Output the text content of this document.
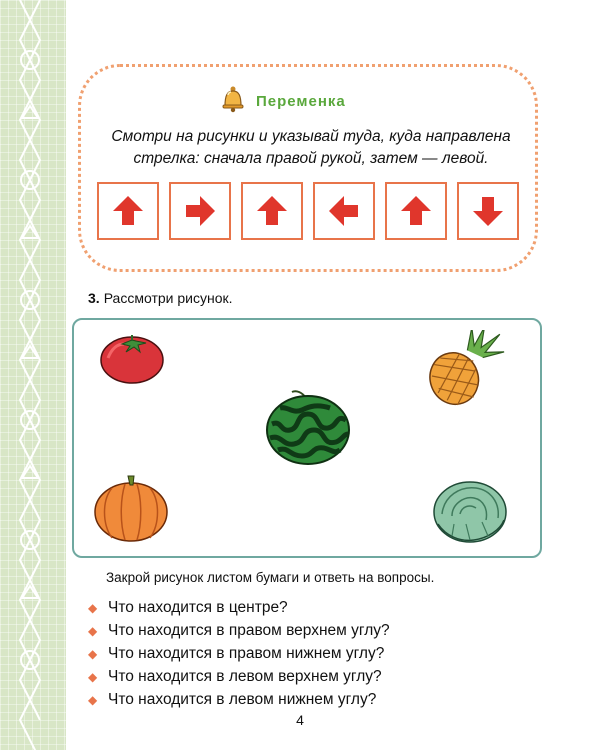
Переменка
Смотри на рисунки и указывай туда, куда направлена стрелка: сначала правой рукой, затем — левой.
3. Рассмотри рисунок.
Закрой рисунок листом бумаги и ответь на вопросы.
◆ Что находится в центре?
◆ Что находится в правом верхнем углу?
◆ Что находится в правом нижнем углу?
◆ Что находится в левом верхнем углу?
◆ Что находится в левом нижнем углу?
4
